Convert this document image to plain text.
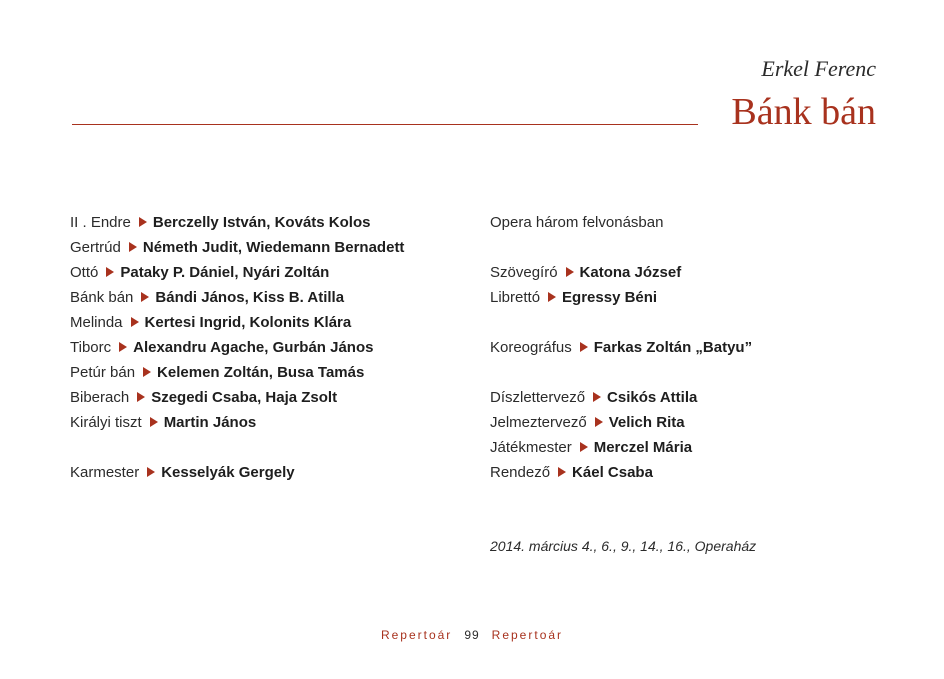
Erkel Ferenc
Bánk bán
II . Endre Berczelly István, Kováts Kolos
Gertrúd Németh Judit, Wiedemann Bernadett
Ottó Pataky P. Dániel, Nyári Zoltán
Bánk bán Bándi János, Kiss B. Atilla
Melinda Kertesi Ingrid, Kolonits Klára
Tiborc Alexandru Agache, Gurbán János
Petúr bán Kelemen Zoltán, Busa Tamás
Biberach Szegedi Csaba, Haja Zsolt
Királyi tiszt Martin János
Karmester Kesselyák Gergely
Opera három felvonásban
Szövegíró Katona József
Librettó Egressy Béni
Koreográfus Farkas Zoltán „Batyu”
Díszlettervező Csikós Attila
Jelmeztervező Velich Rita
Játékmester Merczel Mária
Rendező Káel Csaba
2014. március 4., 6., 9., 14., 16., Operaház
Repertoár 99 Repertoár
